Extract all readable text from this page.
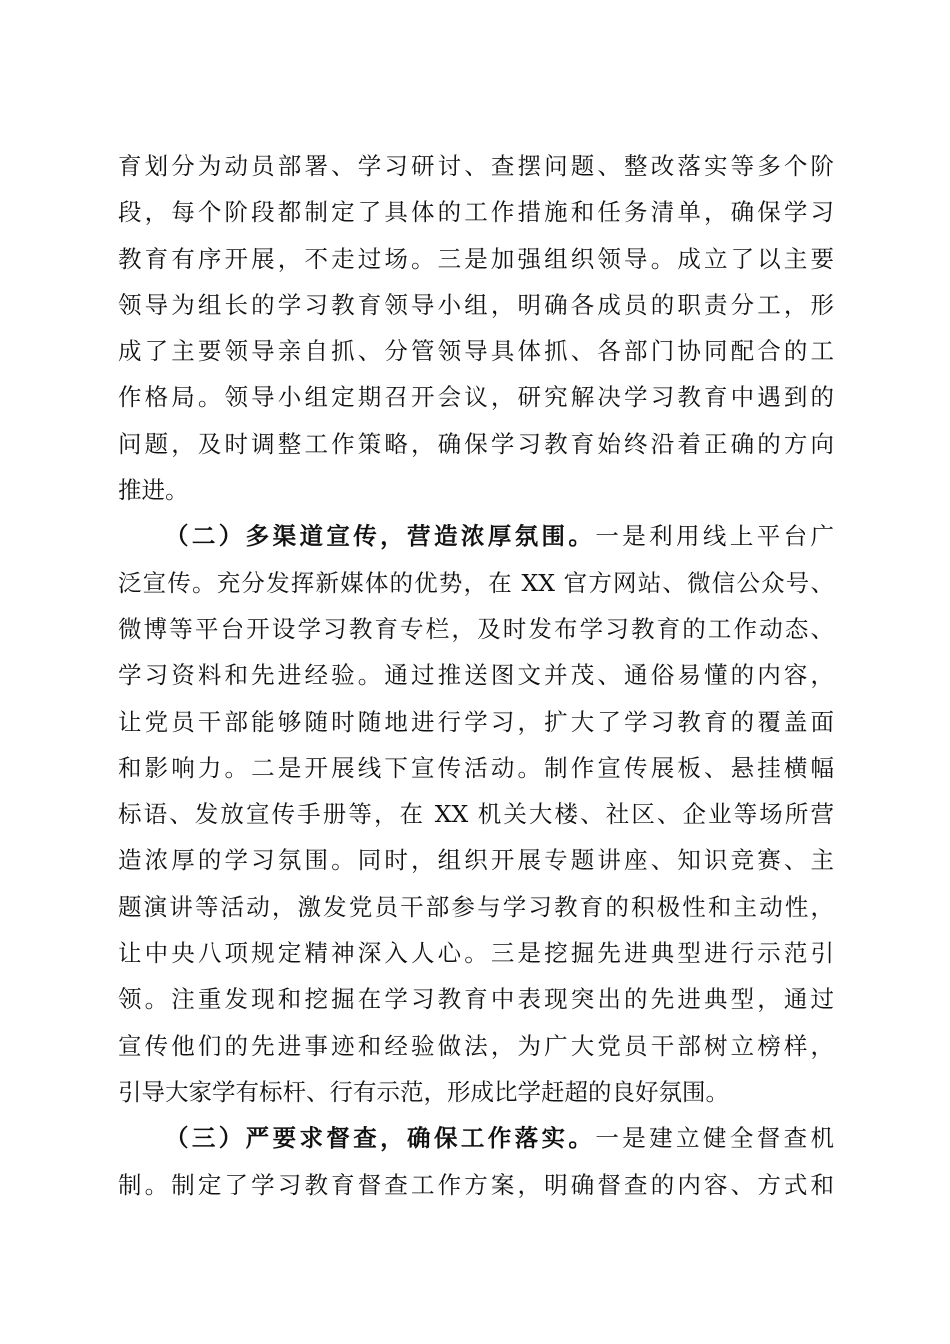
育划分为动员部署、学习研讨、查摆问题、整改落实等多个阶
段，每个阶段都制定了具体的工作措施和任务清单，确保学习
教育有序开展，不走过场。三是加强组织领导。成立了以主要
领导为组长的学习教育领导小组，明确各成员的职责分工，形
成了主要领导亲自抓、分管领导具体抓、各部门协同配合的工
作格局。领导小组定期召开会议，研究解决学习教育中遇到的
问题，及时调整工作策略，确保学习教育始终沿着正确的方向
推进。
（二）多渠道宣传，营造浓厚氛围。一是利用线上平台广
泛宣传。充分发挥新媒体的优势，在 XX 官方网站、微信公众号、
微博等平台开设学习教育专栏，及时发布学习教育的工作动态、
学习资料和先进经验。通过推送图文并茂、通俗易懂的内容，
让党员干部能够随时随地进行学习，扩大了学习教育的覆盖面
和影响力。二是开展线下宣传活动。制作宣传展板、悬挂横幅
标语、发放宣传手册等，在 XX 机关大楼、社区、企业等场所营
造浓厚的学习氛围。同时，组织开展专题讲座、知识竞赛、主
题演讲等活动，激发党员干部参与学习教育的积极性和主动性，
让中央八项规定精神深入人心。三是挖掘先进典型进行示范引
领。注重发现和挖掘在学习教育中表现突出的先进典型，通过
宣传他们的先进事迹和经验做法，为广大党员干部树立榜样，
引导大家学有标杆、行有示范，形成比学赶超的良好氛围。
（三）严要求督查，确保工作落实。一是建立健全督查机
制。制定了学习教育督查工作方案，明确督查的内容、方式和
